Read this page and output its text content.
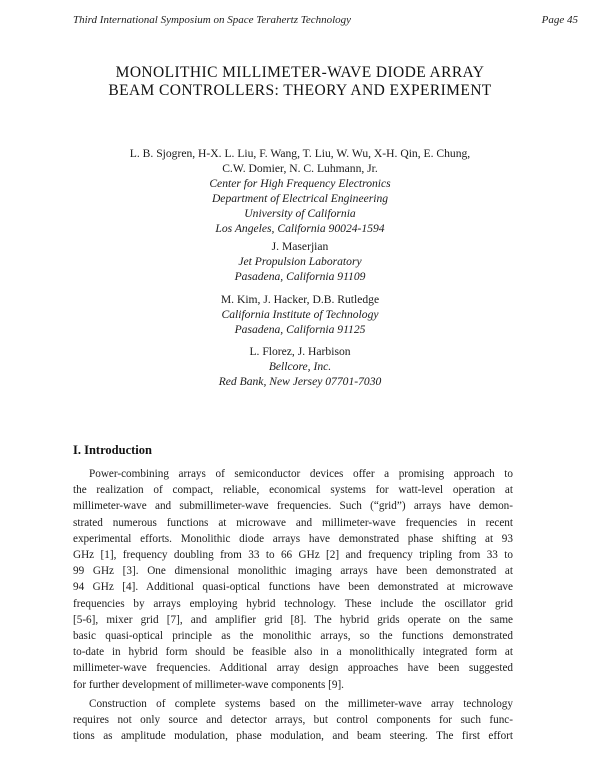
Third International Symposium on Space Terahertz Technology	Page 45
MONOLITHIC MILLIMETER-WAVE DIODE ARRAY
BEAM CONTROLLERS: THEORY AND EXPERIMENT
L. B. Sjogren, H-X. L. Liu, F. Wang, T. Liu, W. Wu, X-H. Qin, E. Chung,
C.W. Domier, N. C. Luhmann, Jr.
Center for High Frequency Electronics
Department of Electrical Engineering
University of California
Los Angeles, California 90024-1594
J. Maserjian
Jet Propulsion Laboratory
Pasadena, California 91109
M. Kim, J. Hacker, D.B. Rutledge
California Institute of Technology
Pasadena, California 91125
L. Florez, J. Harbison
Bellcore, Inc.
Red Bank, New Jersey 07701-7030
I. Introduction
Power-combining arrays of semiconductor devices offer a promising approach to
the realization of compact, reliable, economical systems for watt-level operation at
millimeter-wave and submillimeter-wave frequencies. Such (“grid”) arrays have demon-
strated numerous functions at microwave and millimeter-wave frequencies in recent
experimental efforts. Monolithic diode arrays have demonstrated phase shifting at 93
GHz [1], frequency doubling from 33 to 66 GHz [2] and frequency tripling from 33 to
99 GHz [3]. One dimensional monolithic imaging arrays have been demonstrated at
94 GHz [4]. Additional quasi-optical functions have been demonstrated at microwave
frequencies by arrays employing hybrid technology. These include the oscillator grid
[5-6], mixer grid [7], and amplifier grid [8]. The hybrid grids operate on the same
basic quasi-optical principle as the monolithic arrays, so the functions demonstrated
to-date in hybrid form should be feasible also in a monolithically integrated form at
millimeter-wave frequencies. Additional array design approaches have been suggested
for further development of millimeter-wave components [9].
Construction of complete systems based on the millimeter-wave array technology
requires not only source and detector arrays, but control components for such func-
tions as amplitude modulation, phase modulation, and beam steering. The first effort
